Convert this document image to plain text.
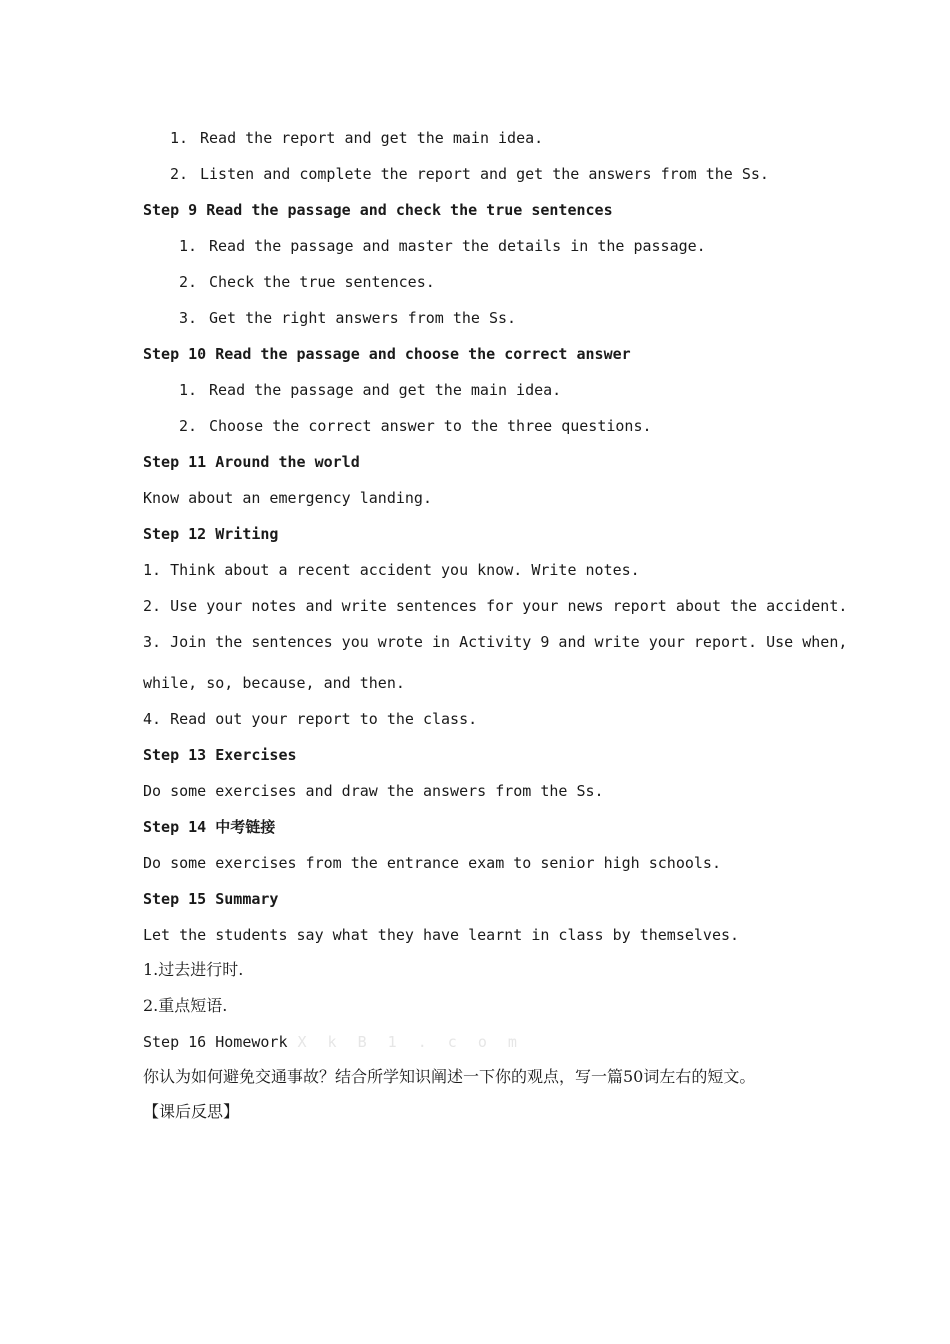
1. Read the report and get the main idea.
2. Listen and complete the report and get the answers from the Ss.
Step 9 Read the passage and check the true sentences
1. Read the passage and master the details in the passage.
2. Check the true sentences.
3. Get the right answers from the Ss.
Step 10 Read the passage and choose the correct answer
1. Read the passage and get the main idea.
2. Choose the correct answer to the three questions.
Step 11 Around the world
Know about an emergency landing.
Step 12 Writing
1. Think about a recent accident you know. Write notes.
2. Use your notes and write sentences for your news report about the accident.
3. Join the sentences you wrote in Activity 9 and write your report. Use when,
while, so, because, and then.
4. Read out your report to the class.
Step 13 Exercises
Do some exercises and draw the answers from the Ss.
Step 14 中考链接
Do some exercises from the entrance exam to senior high schools.
Step 15 Summary
Let the students say what they have learnt in class by themselves.
1.过去进行时.
2.重点短语.
Step 16 Homework X k B 1 . c o m
你认为如何避免交通事故？结合所学知识阐述一下你的观点，写一篇50词左右的短文。
【课后反思】
